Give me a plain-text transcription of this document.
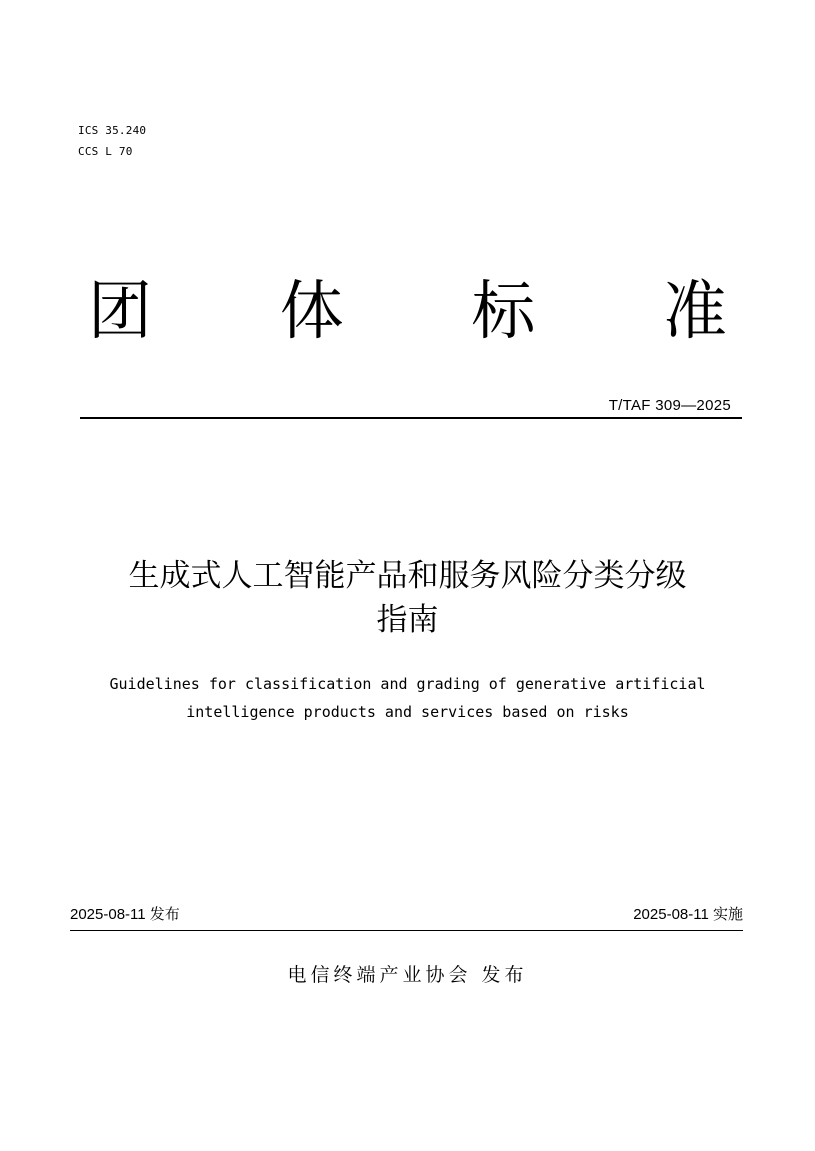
ICS 35.240
CCS L 70
团 体 标 准
T/TAF 309—2025
生成式人工智能产品和服务风险分类分级
指南
Guidelines for classification and grading of generative artificial
intelligence products and services based on risks
2025-08-11 发布	2025-08-11 实施
电信终端产业协会 发布
